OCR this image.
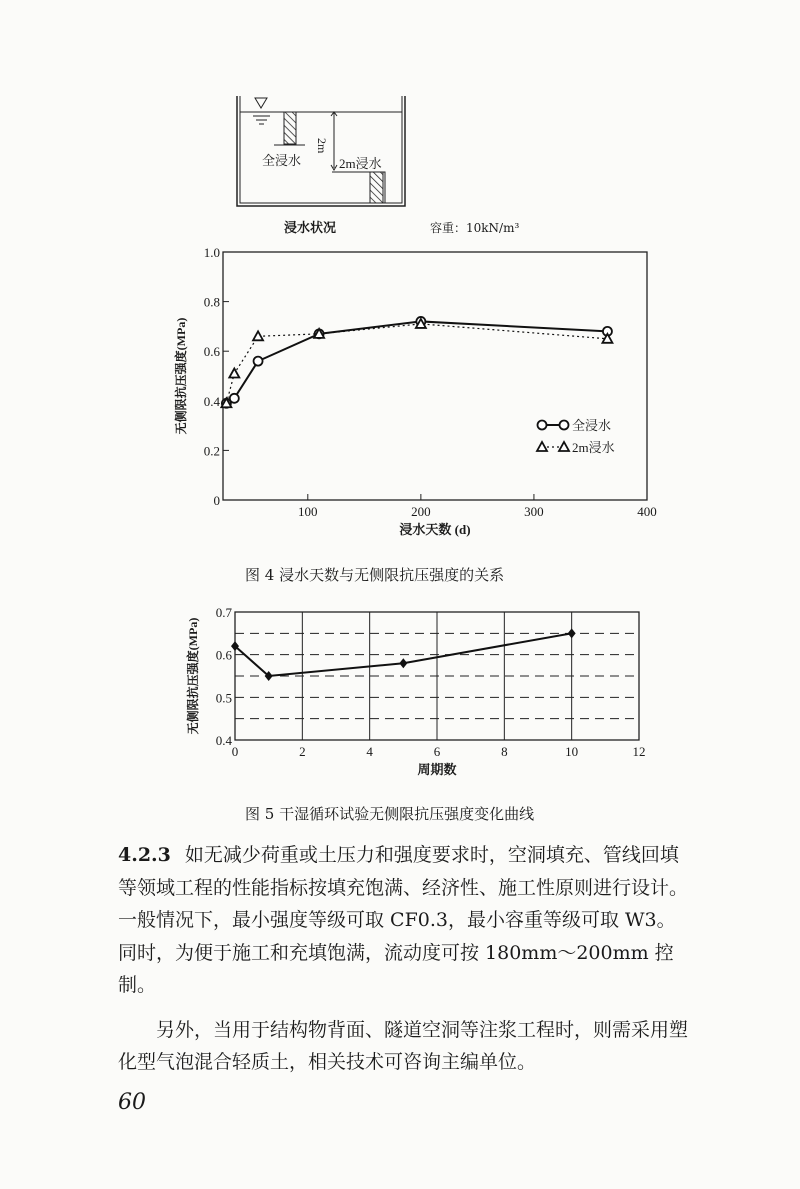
2m
全浸水	2m浸水
浸水状况	容重：10kN/m³
100	200	300	400
0
0.2
0.4
0.6
0.8
1.0
浸水天数 (d)
无侧限抗压强度(MPa)	全浸水
2m浸水
图 4 浸水天数与无侧限抗压强度的关系
0	2	4	6	8	10	12
0.4
0.5
0.6
0.7
周期数
无侧限抗压强度(MPa)
图 5 干湿循环试验无侧限抗压强度变化曲线

4.2.3 如无减少荷重或土压力和强度要求时，空洞填充、管线回填等领域工程的性能指标按填充饱满、经济性、施工性原则进行设计。一般情况下，最小强度等级可取 CF0.3，最小容重等级可取 W3。同时，为便于施工和充填饱满，流动度可按 180mm～200mm 控制。

另外，当用于结构物背面、隧道空洞等注浆工程时，则需采用塑化型气泡混合轻质土，相关技术可咨询主编单位。

60
